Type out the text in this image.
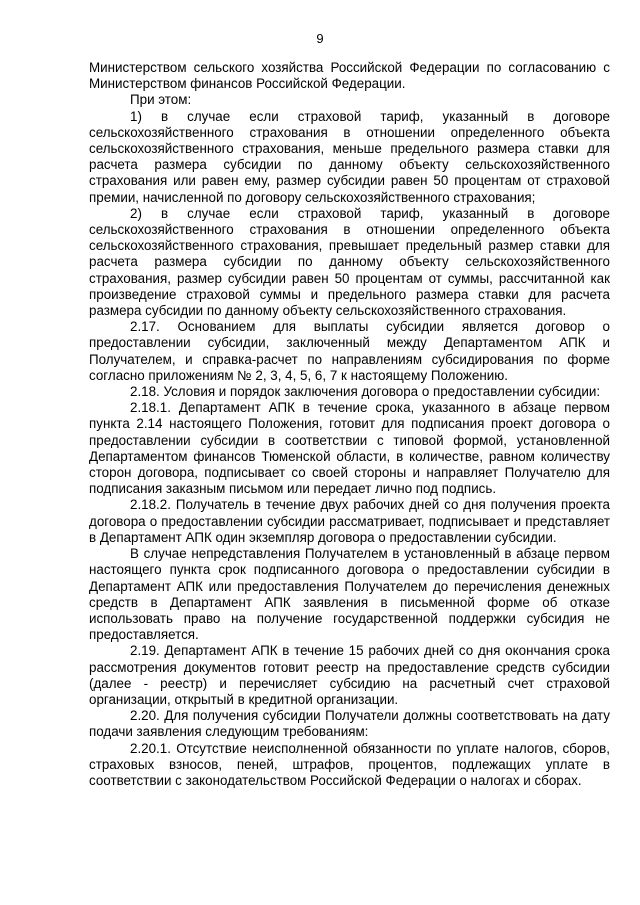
9

Министерством сельского хозяйства Российской Федерации по согласованию с Министерством финансов Российской Федерации.

При этом:

1) в случае если страховой тариф, указанный в договоре сельскохозяйственного страхования в отношении определенного объекта сельскохозяйственного страхования, меньше предельного размера ставки для расчета размера субсидии по данному объекту сельскохозяйственного страхования или равен ему, размер субсидии равен 50 процентам от страховой премии, начисленной по договору сельскохозяйственного страхования;

2) в случае если страховой тариф, указанный в договоре сельскохозяйственного страхования в отношении определенного объекта сельскохозяйственного страхования, превышает предельный размер ставки для расчета размера субсидии по данному объекту сельскохозяйственного страхования, размер субсидии равен 50 процентам от суммы, рассчитанной как произведение страховой суммы и предельного размера ставки для расчета размера субсидии по данному объекту сельскохозяйственного страхования.

2.17. Основанием для выплаты субсидии является договор о предоставлении субсидии, заключенный между Департаментом АПК и Получателем, и справка-расчет по направлениям субсидирования по форме согласно приложениям № 2, 3, 4, 5, 6, 7 к настоящему Положению.

2.18. Условия и порядок заключения договора о предоставлении субсидии:

2.18.1. Департамент АПК в течение срока, указанного в абзаце первом пункта 2.14 настоящего Положения, готовит для подписания проект договора о предоставлении субсидии в соответствии с типовой формой, установленной Департаментом финансов Тюменской области, в количестве, равном количеству сторон договора, подписывает со своей стороны и направляет Получателю для подписания заказным письмом или передает лично под подпись.

2.18.2. Получатель в течение двух рабочих дней со дня получения проекта договора о предоставлении субсидии рассматривает, подписывает и представляет в Департамент АПК один экземпляр договора о предоставлении субсидии.

В случае непредставления Получателем в установленный в абзаце первом настоящего пункта срок подписанного договора о предоставлении субсидии в Департамент АПК или предоставления Получателем до перечисления денежных средств в Департамент АПК заявления в письменной форме об отказе использовать право на получение государственной поддержки субсидия не предоставляется.

2.19. Департамент АПК в течение 15 рабочих дней со дня окончания срока рассмотрения документов готовит реестр на предоставление средств субсидии (далее - реестр) и перечисляет субсидию на расчетный счет страховой организации, открытый в кредитной организации.

2.20. Для получения субсидии Получатели должны соответствовать на дату подачи заявления следующим требованиям:

2.20.1. Отсутствие неисполненной обязанности по уплате налогов, сборов, страховых взносов, пеней, штрафов, процентов, подлежащих уплате в соответствии с законодательством Российской Федерации о налогах и сборах.
